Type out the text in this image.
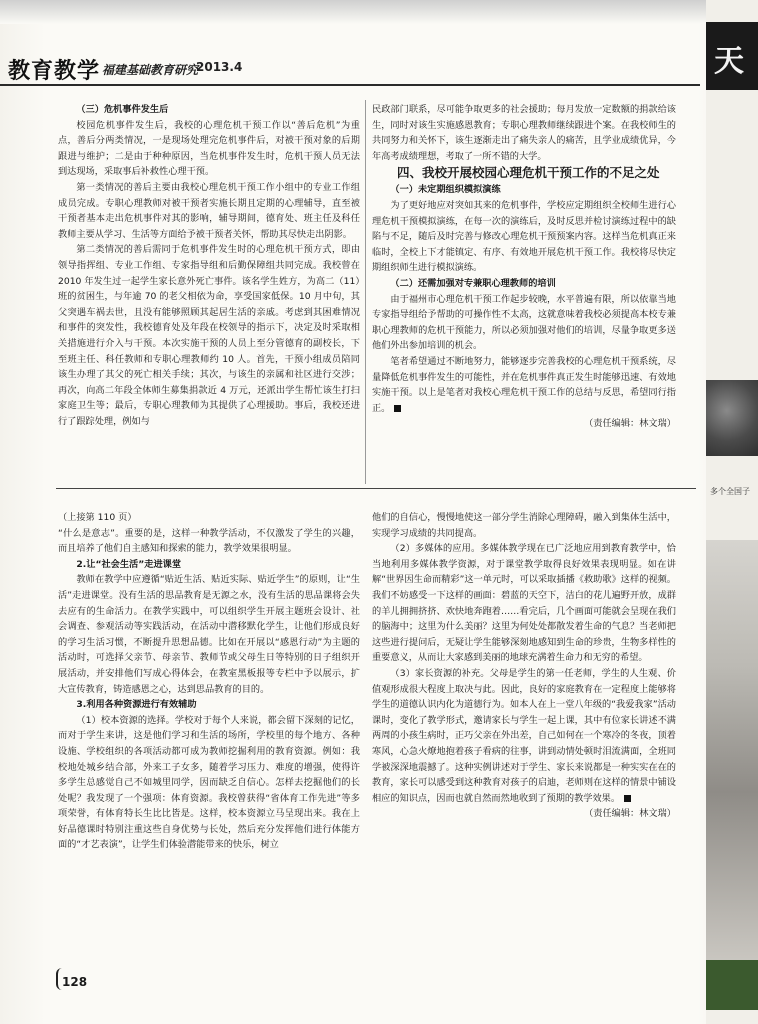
教育教学 福建基础教育研究
2013.4

（三）危机事件发生后

校园危机事件发生后，我校的心理危机干预工作以“善后危机”为重点，善后分两类情况，一是现场处理完危机事件后，对被干预对象的后期跟进与维护；二是由于种种原因，当危机事件发生时，危机干预人员无法到达现场，采取事后补救性心理干预。

第一类情况的善后主要由我校心理危机干预工作小组中的专业工作组成员完成。专职心理教师对被干预者实施长期且定期的心理辅导，直至被干预者基本走出危机事件对其的影响，辅导期间，德育处、班主任及科任教师主要从学习、生活等方面给予被干预者关怀，帮助其尽快走出阴影。

第二类情况的善后需同于危机事件发生时的心理危机干预方式，即由领导指挥组、专业工作组、专家指导组和后勤保障组共同完成。我校曾在 2010 年发生过一起学生家长意外死亡事件。该名学生姓方，为高二（11）班的贫困生，与年逾 70 的老父相依为命，享受国家低保。10 月中旬，其父突遇车祸去世，且没有能够照顾其起居生活的亲戚。考虑到其困难情况和事件的突发性，我校德育处及年段在校领导的指示下，决定及时采取相关措施进行介入与干预。本次实施干预的人员上至分管德育的副校长，下至班主任、科任教师和专职心理教师约 10 人。首先，干预小组成员陪同该生办理了其父的死亡相关手续；其次，与该生的亲属和社区进行交涉；再次，向高二年段全体师生募集捐款近 4 万元，还派出学生帮忙该生打扫家庭卫生等；最后，专职心理教师为其提供了心理援助。事后，我校还进行了跟踪处理，例如与

民政部门联系，尽可能争取更多的社会援助；每月发放一定数额的捐款给该生，同时对该生实施感恩教育；专职心理教师继续跟进个案。在我校师生的共同努力和关怀下，该生逐渐走出了痛失亲人的痛苦，且学业成绩优异，今年高考成绩理想，考取了一所不错的大学。

四、我校开展校园心理危机干预工作的不足之处

（一）未定期组织模拟演练

为了更好地应对突如其来的危机事件，学校应定期组织全校师生进行心理危机干预模拟演练，在每一次的演练后，及时反思并检讨演练过程中的缺陷与不足，随后及时完善与修改心理危机干预预案内容。这样当危机真正来临时，全校上下才能镇定、有序、有效地开展危机干预工作。我校将尽快定期组织师生进行模拟演练。

（二）还需加强对专兼职心理教师的培训

由于福州市心理危机干预工作起步较晚，水平普遍有限，所以依靠当地专家指导组给予帮助的可操作性不太高，这就意味着我校必须提高本校专兼职心理教师的危机干预能力，所以必须加强对他们的培训，尽量争取更多送他们外出参加培训的机会。

笔者希望通过不断地努力，能够逐步完善我校的心理危机干预系统，尽量降低危机事件发生的可能性，并在危机事件真正发生时能够迅速、有效地实施干预。以上是笔者对我校心理危机干预工作的总结与反思，希望同行指正。

（责任编辑：林文瑞）

（上接第 110 页）

“什么是意志”。重要的是，这样一种教学活动，不仅激发了学生的兴趣，而且培养了他们自主感知和探索的能力，教学效果很明显。

2.让“社会生活”走进课堂

教师在教学中应遵循“贴近生活、贴近实际、贴近学生”的原则，让“生活”走进课堂。没有生活的思品教育是无源之水，没有生活的思品课将会失去应有的生命活力。在教学实践中，可以组织学生开展主题班会设计、社会调查、参观活动等实践活动，在活动中潜移默化学生，让他们形成良好的学习生活习惯，不断提升思想品德。比如在开展以“感恩行动”为主题的活动时，可选择父亲节、母亲节、教师节或父母生日等特别的日子组织开展活动，并安排他们写成心得体会，在教室黑板报等专栏中予以展示，扩大宣传教育，铸造感恩之心，达到思品教育的目的。

3.利用各种资源进行有效辅助

（1）校本资源的选择。学校对于每个人来说，都会留下深刻的记忆，而对于学生来讲，这是他们学习和生活的场所，学校里的每个地方、各种设施、学校组织的各项活动都可成为教师挖掘利用的教育资源。例如：我校地处城乡结合部，外来工子女多，随着学习压力、难度的增强，使得许多学生总感觉自己不如城里同学，因而缺乏自信心。怎样去挖掘他们的长处呢？我发现了一个强项：体育资源。我校曾获得“省体育工作先进”等多项荣誉，有体育特长生比比皆是。这样，校本资源立马呈现出来。我在上好品德课时特别注重这些自身优势与长处，然后充分发挥他们进行体能方面的“才艺表演”，让学生们体验潜能带来的快乐，树立

他们的自信心，慢慢地使这一部分学生消除心理障碍，融入到集体生活中，实现学习成绩的共同提高。

（2）多媒体的应用。多媒体教学现在已广泛地应用到教育教学中，恰当地利用多媒体教学资源，对于课堂教学取得良好效果表现明显。如在讲解“世界因生命而精彩”这一单元时，可以采取插播《救助歌》这样的视频。我们不妨感受一下这样的画面：碧蓝的天空下，洁白的花儿遍野开放，成群的羊儿拥拥挤挤、欢快地奔跑着……看完后，几个画面可能就会呈现在我们的脑海中；这里为什么美丽？这里为何处处都散发着生命的气息？当老师把这些进行提问后，无疑让学生能够深刻地感知到生命的珍贵，生物多样性的重要意义，从而让大家感到美丽的地球充满着生命力和无穷的希望。

（3）家长资源的补充。父母是学生的第一任老师，学生的人生观、价值观形成很大程度上取决与此。因此，良好的家庭教育在一定程度上能够将学生的道德认识内化为道德行为。如本人在上一堂八年级的“我爱我家”活动课时，变化了教学形式，邀请家长与学生一起上课，其中有位家长讲述不满两周的小孩生病时，正巧父亲在外出差，自己如何在一个寒冷的冬夜，顶着寒风，心急火燎地抱着孩子看病的往事，讲到动情处顿时泪流满面，全班同学被深深地震撼了。这种实例讲述对于学生、家长来说都是一种实实在在的教育，家长可以感受到这种教育对孩子的启迪，老师则在这样的情景中铺设相应的知识点，因而也就自然而然地收到了预期的教学效果。

（责任编辑：林文瑞）

128
天
多个全国子
